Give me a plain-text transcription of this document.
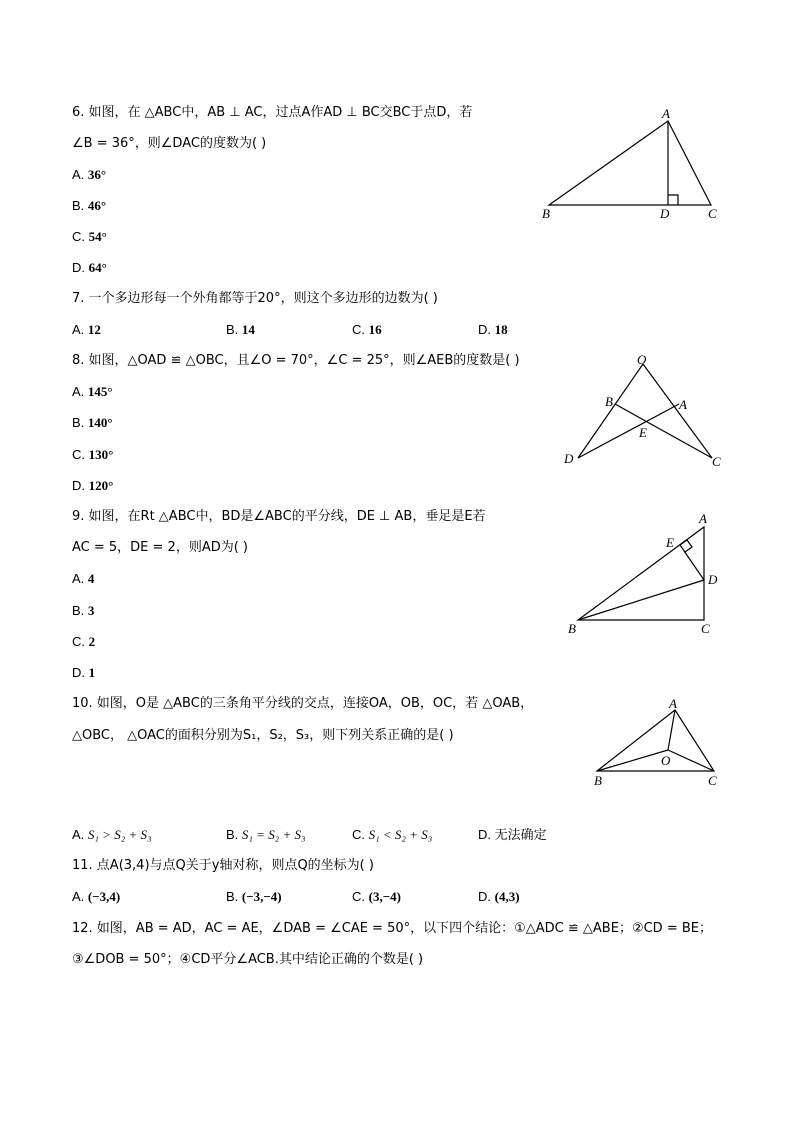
6. 如图，在 △ABC中，AB ⊥ AC，过点A作AD ⊥ BC交BC于点D，若
∠B = 36°，则∠DAC的度数为( )
A. 36°
B. 46°
C. 54°
D. 64°
A
B	D	C
O
B	A
E
D	C
A
E
D
B	C
A
O
B	C
7. 一个多边形每一个外角都等于20°，则这个多边形的边数为( )
A. 12	B. 14	C. 16	D. 18
8. 如图，△OAD ≌ △OBC，且∠O = 70°，∠C = 25°，则∠AEB的度数是( )
A. 145°
B. 140°
C. 130°
D. 120°
9. 如图，在Rt △ABC中，BD是∠ABC的平分线，DE ⊥ AB，垂足是E若
AC = 5，DE = 2，则AD为( )
A. 4
B. 3
C. 2
D. 1
10. 如图，O是 △ABC的三条角平分线的交点，连接OA，OB，OC，若 △OAB，
△OBC， △OAC的面积分别为S₁，S₂，S₃，则下列关系正确的是( )
A. S₁ > S₂ + S₃	B. S₁ = S₂ + S₃	C. S₁ < S₂ + S₃	D. 无法确定
11. 点A(3,4)与点Q关于y轴对称，则点Q的坐标为( )
A. (−3,4)	B. (−3,−4)	C. (3,−4)	D. (4,3)
12. 如图，AB = AD，AC = AE，∠DAB = ∠CAE = 50°，以下四个结论：①△ADC ≌ △ABE；②CD = BE；
③∠DOB = 50°；④CD平分∠ACB.其中结论正确的个数是( )
